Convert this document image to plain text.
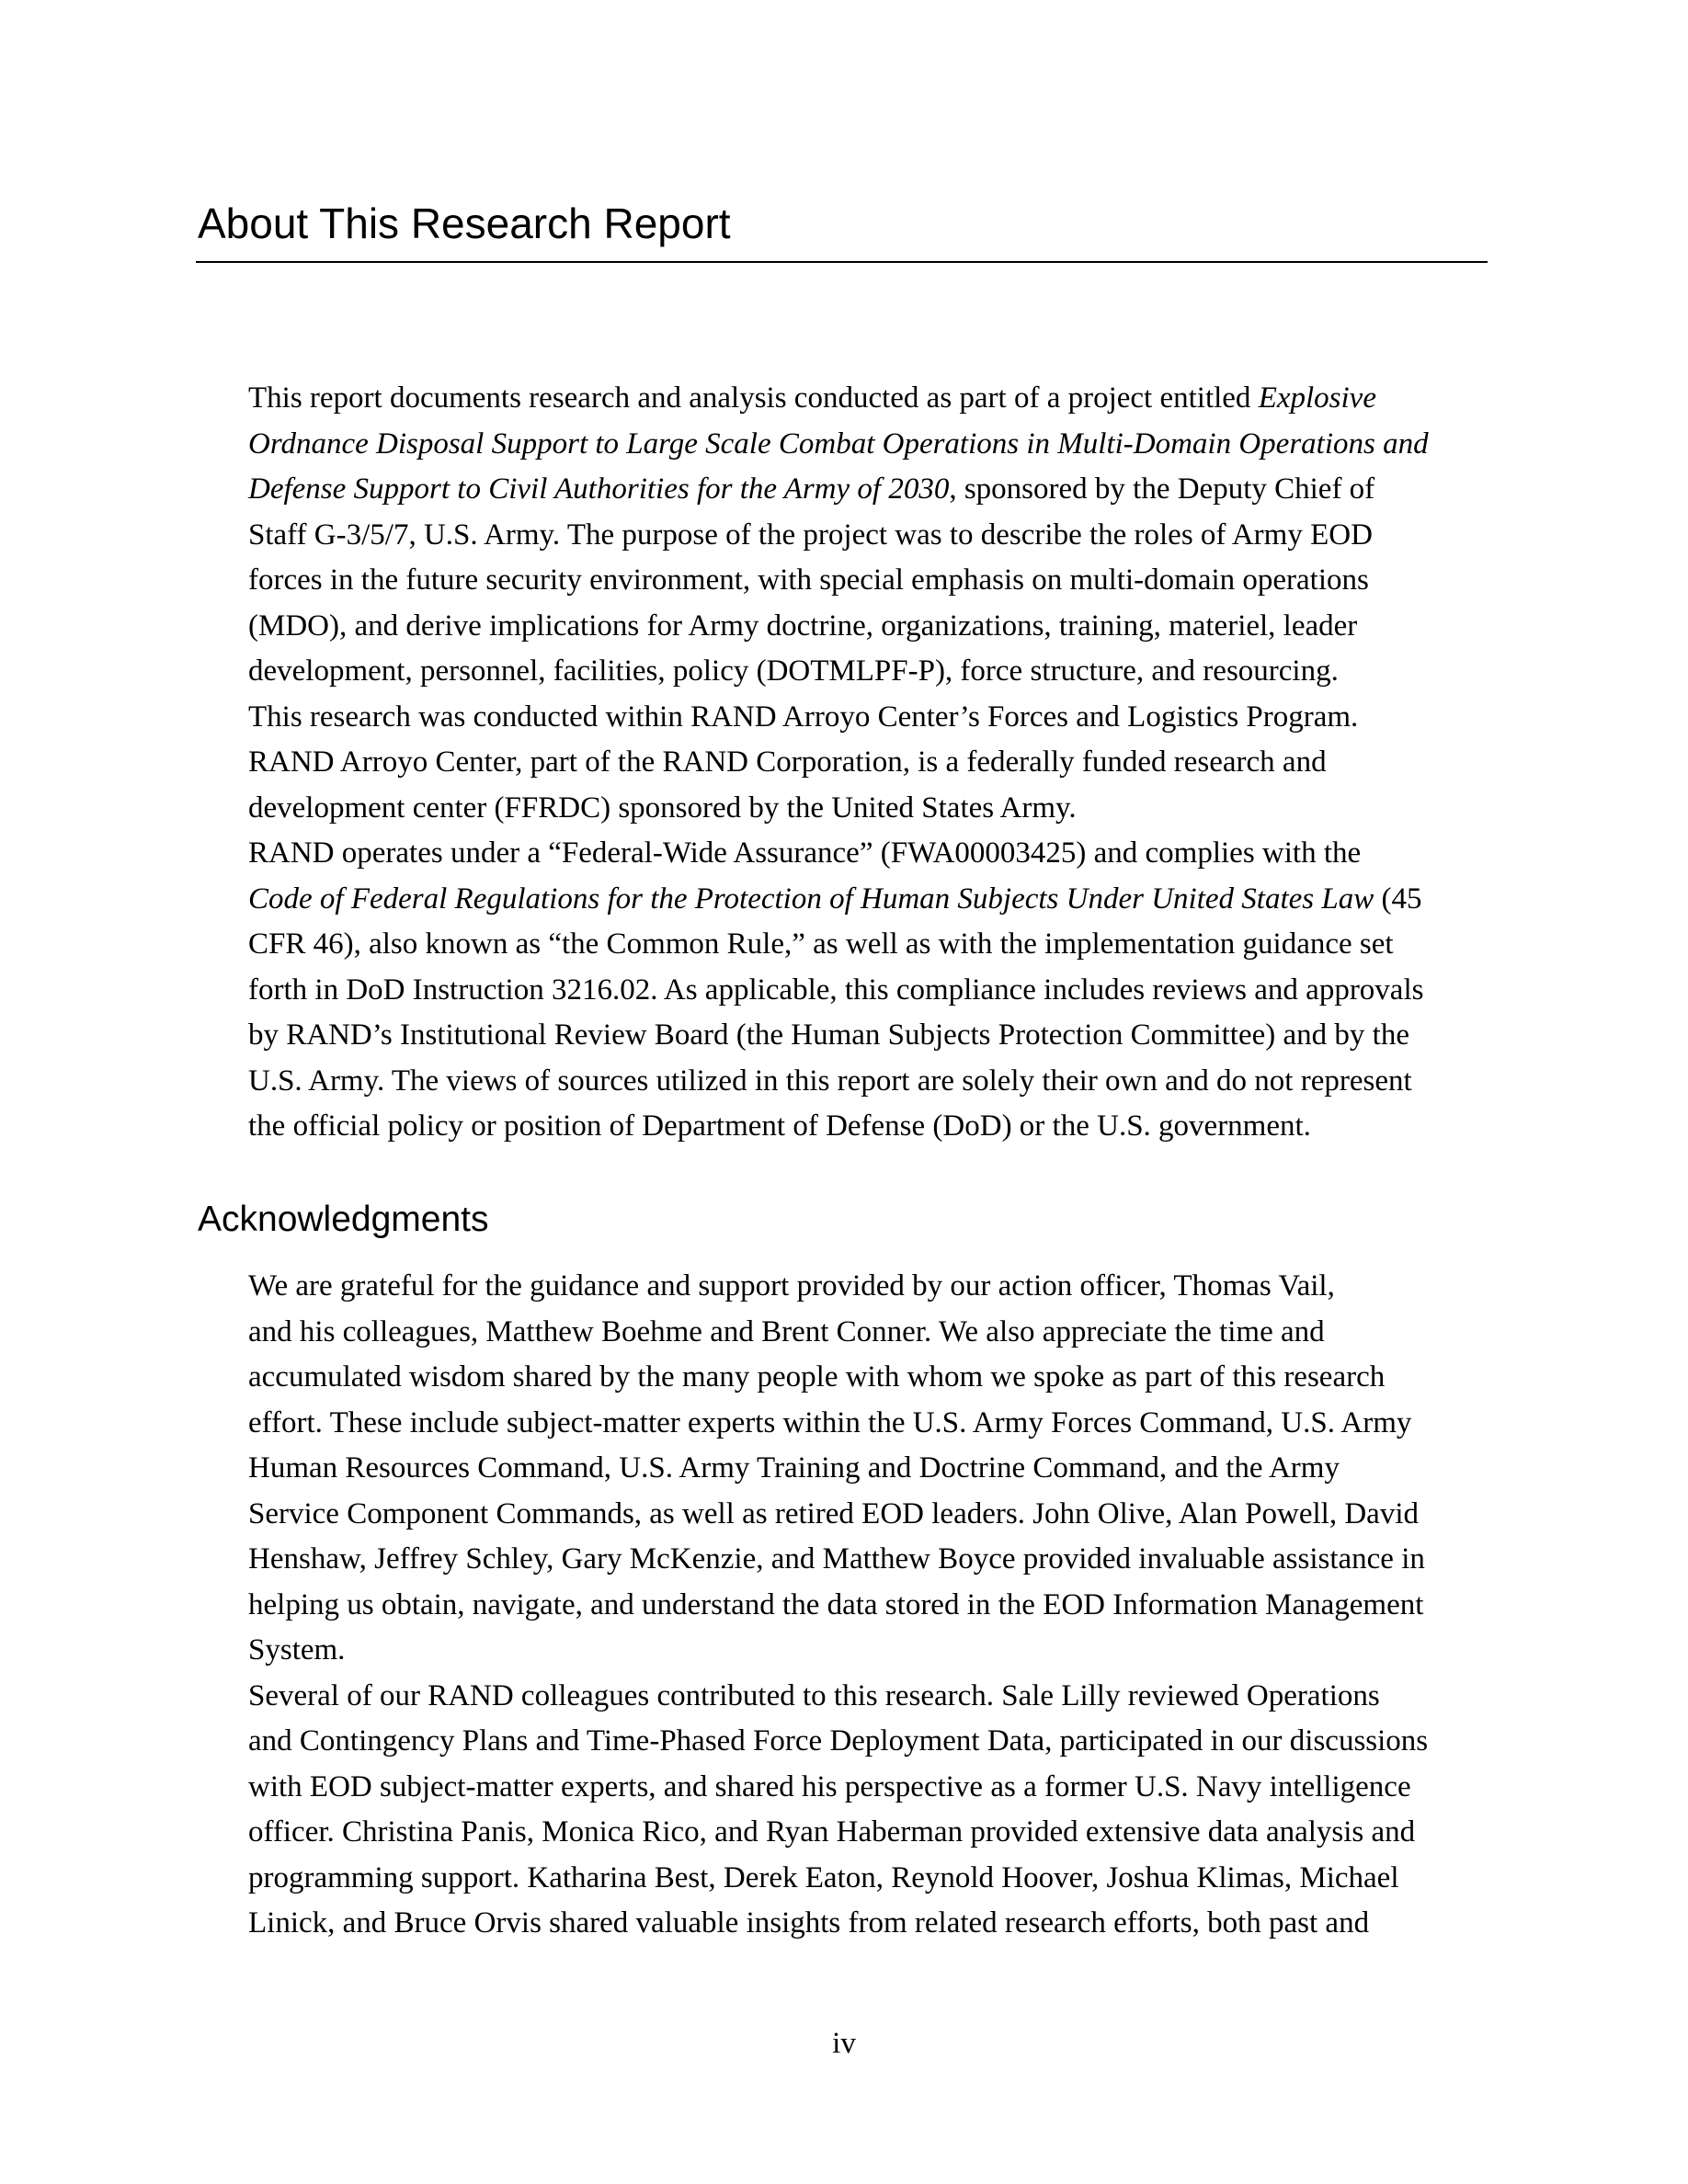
About This Research Report

This report documents research and analysis conducted as part of a project entitled Explosive
Ordnance Disposal Support to Large Scale Combat Operations in Multi-Domain Operations and
Defense Support to Civil Authorities for the Army of 2030, sponsored by the Deputy Chief of
Staff G-3/5/7, U.S. Army. The purpose of the project was to describe the roles of Army EOD
forces in the future security environment, with special emphasis on multi-domain operations
(MDO), and derive implications for Army doctrine, organizations, training, materiel, leader
development, personnel, facilities, policy (DOTMLPF-P), force structure, and resourcing.

This research was conducted within RAND Arroyo Center’s Forces and Logistics Program.
RAND Arroyo Center, part of the RAND Corporation, is a federally funded research and
development center (FFRDC) sponsored by the United States Army.

RAND operates under a “Federal-Wide Assurance” (FWA00003425) and complies with the
Code of Federal Regulations for the Protection of Human Subjects Under United States Law (45
CFR 46), also known as “the Common Rule,” as well as with the implementation guidance set
forth in DoD Instruction 3216.02. As applicable, this compliance includes reviews and approvals
by RAND’s Institutional Review Board (the Human Subjects Protection Committee) and by the
U.S. Army. The views of sources utilized in this report are solely their own and do not represent
the official policy or position of Department of Defense (DoD) or the U.S. government.

Acknowledgments

We are grateful for the guidance and support provided by our action officer, Thomas Vail,
and his colleagues, Matthew Boehme and Brent Conner. We also appreciate the time and
accumulated wisdom shared by the many people with whom we spoke as part of this research
effort. These include subject-matter experts within the U.S. Army Forces Command, U.S. Army
Human Resources Command, U.S. Army Training and Doctrine Command, and the Army
Service Component Commands, as well as retired EOD leaders. John Olive, Alan Powell, David
Henshaw, Jeffrey Schley, Gary McKenzie, and Matthew Boyce provided invaluable assistance in
helping us obtain, navigate, and understand the data stored in the EOD Information Management
System.

Several of our RAND colleagues contributed to this research. Sale Lilly reviewed Operations
and Contingency Plans and Time-Phased Force Deployment Data, participated in our discussions
with EOD subject-matter experts, and shared his perspective as a former U.S. Navy intelligence
officer. Christina Panis, Monica Rico, and Ryan Haberman provided extensive data analysis and
programming support. Katharina Best, Derek Eaton, Reynold Hoover, Joshua Klimas, Michael
Linick, and Bruce Orvis shared valuable insights from related research efforts, both past and

iv
